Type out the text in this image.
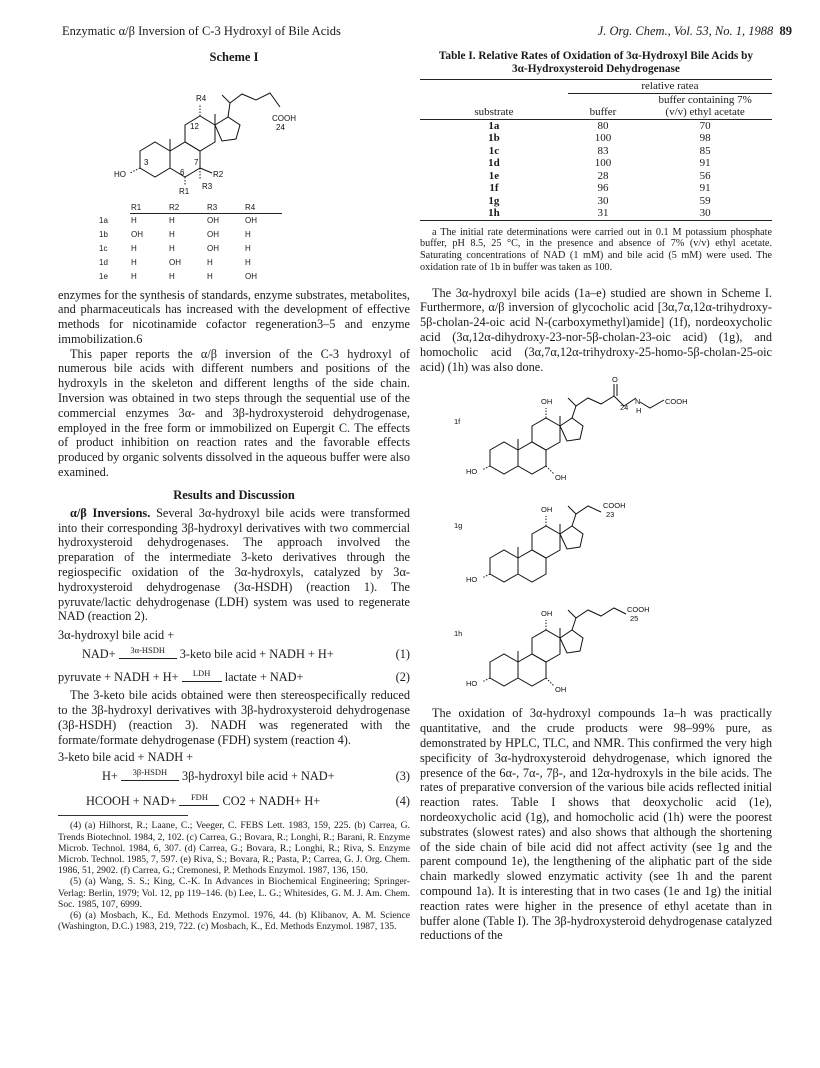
Enzymatic α/β Inversion of C-3 Hydroxyl of Bile Acids	J. Org. Chem., Vol. 53, No. 1, 1988 89
Scheme I
R4
12
COOH
24
HO
3
6
7
R2
R1
R3
	R1	R2	R3	R4
1a	H	H	OH	OH
1b	OH	H	OH	H
1c	H	H	OH	H
1d	H	OH	H	H
1e	H	H	H	OH

enzymes for the synthesis of standards, enzyme substrates, metabolites, and pharmaceuticals has increased with the development of effective methods for nicotinamide cofactor regeneration3–5 and enzyme immobilization.6

This paper reports the α/β inversion of the C-3 hydroxyl of numerous bile acids with different numbers and positions of the hydroxyls in the skeleton and different lengths of the side chain. Inversion was obtained in two steps through the sequential use of the commercial enzymes 3α- and 3β-hydroxysteroid dehydrogenase, employed in the free form or immobilized on Eupergit C. The effects of product inhibition on reaction rates and the favorable effects produced by organic solvents dissolved in the aqueous buffer were also examined.

Results and Discussion

α/β Inversions. Several 3α-hydroxyl bile acids were transformed into their corresponding 3β-hydroxyl derivatives with two commercial hydroxysteroid dehydrogenases. The approach involved the preparation of the intermediate 3-keto derivatives through the regiospecific oxidation of the 3α-hydroxyls, catalyzed by 3α-hydroxysteroid dehydrogenase (3α-HSDH) (reaction 1). The pyruvate/lactic dehydrogenase (LDH) system was used to regenerate NAD (reaction 2).

3α-hydroxyl bile acid +
NAD+	3α-HSDH	3-keto bile acid + NADH + H+	(1)
pyruvate + NADH + H+	LDH	lactate + NAD+	(2)

The 3-keto bile acids obtained were then stereospecifically reduced to the 3β-hydroxyl derivatives with 3β-hydroxysteroid dehydrogenase (3β-HSDH) (reaction 3). NADH was regenerated with the formate/formate dehydrogenase (FDH) system (reaction 4).

3-keto bile acid + NADH +
H+	3β-HSDH	3β-hydroxyl bile acid + NAD+	(3)
HCOOH + NAD+	FDH	CO2 + NADH+ H+	(4)

(4) (a) Hilhorst, R.; Laane, C.; Veeger, C. FEBS Lett. 1983, 159, 225. (b) Carrea, G. Trends Biotechnol. 1984, 2, 102. (c) Carrea, G.; Bovara, R.; Longhi, R.; Barani, R. Enzyme Microb. Technol. 1984, 6, 307. (d) Carrea, G.; Bovara, R.; Longhi, R.; Riva, S. Enzyme Microb. Technol. 1985, 7, 597. (e) Riva, S.; Bovara, R.; Pasta, P.; Carrea, G. J. Org. Chem. 1986, 51, 2902. (f) Carrea, G.; Cremonesi, P. Methods Enzymol. 1987, 136, 150.

(5) (a) Wang, S. S.; King, C.-K. In Advances in Biochemical Engineering; Springer-Verlag: Berlin, 1979; Vol. 12, pp 119–146. (b) Lee, L. G.; Whitesides, G. M. J. Am. Chem. Soc. 1985, 107, 6999.

(6) (a) Mosbach, K., Ed. Methods Enzymol. 1976, 44. (b) Klibanov, A. M. Science (Washington, D.C.) 1983, 219, 722. (c) Mosbach, K., Ed. Methods Enzymol. 1987, 135.

Table I. Relative Rates of Oxidation of 3α-Hydroxyl Bile Acids by 3α-Hydroxysteroid Dehydrogenase

	relative ratea	
substrate	buffer	buffer containing 7% (v/v) ethyl acetate
1a	80	70
1b	100	98
1c	83	85
1d	100	91
1e	28	56
1f	96	91
1g	30	59
1h	31	30

a The initial rate determinations were carried out in 0.1 M potassium phosphate buffer, pH 8.5, 25 °C, in the presence and absence of 7% (v/v) ethyl acetate. Saturating concentrations of NAD (1 mM) and bile acid (5 mM) were used. The oxidation rate of 1b in buffer was taken as 100.

The 3α-hydroxyl bile acids (1a–e) studied are shown in Scheme I. Furthermore, α/β inversion of glycocholic acid [3α,7α,12α-trihydroxy-5β-cholan-24-oic acid N-(carboxymethyl)amide] (1f), nordeoxycholic acid (3α,12α-dihydroxy-23-nor-5β-cholan-23-oic acid) (1g), and homocholic acid (3α,7α,12α-trihydroxy-25-homo-5β-cholan-25-oic acid) (1h) was also done.

1f
OH
O
24
N
H
COOH
HO
OH
1g
OH	COOH
23
HO
1h
OH	COOH
25
HO
OH

The oxidation of 3α-hydroxyl compounds 1a–h was practically quantitative, and the crude products were 98–99% pure, as demonstrated by HPLC, TLC, and NMR. This confirmed the very high specificity of 3α-hydroxysteroid dehydrogenase, which ignored the presence of the 6α-, 7α-, 7β-, and 12α-hydroxyls in the bile acids. The rates of preparative conversion of the various bile acids reflected initial reaction rates. Table I shows that deoxycholic acid (1e), nordeoxycholic acid (1g), and homocholic acid (1h) were the poorest substrates (slowest rates) and also shows that although the shortening of the side chain of bile acid did not affect activity (see 1g and the parent compound 1e), the lengthening of the aliphatic part of the side chain markedly slowed enzymatic activity (see 1h and the parent compound 1a). It is interesting that in two cases (1e and 1g) the initial reaction rates were higher in the presence of ethyl acetate than in buffer alone (Table I). The 3β-hydroxysteroid dehydrogenase catalyzed reductions of the
